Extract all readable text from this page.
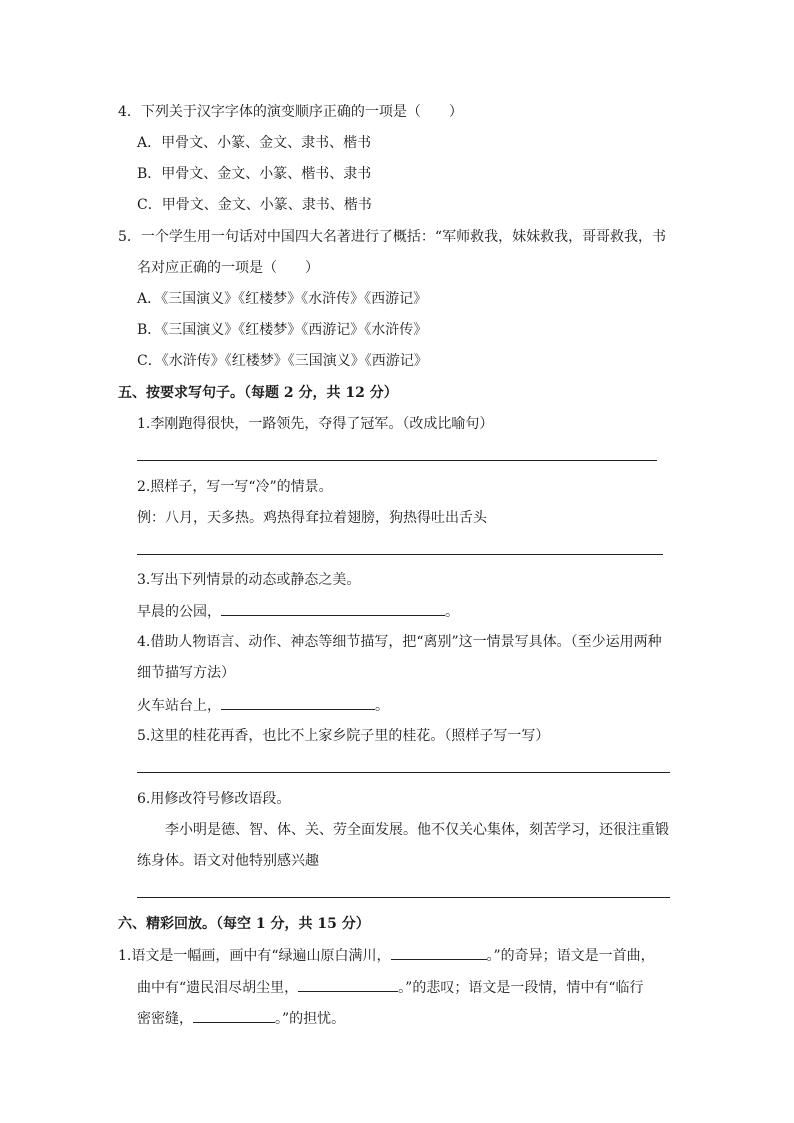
4．下列关于汉字字体的演变顺序正确的一项是（　　）
A．甲骨文、小篆、金文、隶书、楷书
B．甲骨文、金文、小篆、楷书、隶书
C．甲骨文、金文、小篆、隶书、楷书
5．一个学生用一句话对中国四大名著进行了概括：“军师救我，妹妹救我，哥哥救我，书
名对应正确的一项是（　　）
A．《三国演义》《红楼梦》《水浒传》《西游记》
B．《三国演义》《红楼梦》《西游记》《水浒传》
C．《水浒传》《红楼梦》《三国演义》《西游记》
五、按要求写句子。（每题 2 分，共 12 分）
1.李刚跑得很快，一路领先，夺得了冠军。（改成比喻句）
2.照样子，写一写“冷”的情景。
例：八月，天多热。鸡热得耷拉着翅膀，狗热得吐出舌头
3.写出下列情景的动态或静态之美。
早晨的公园，	。
4.借助人物语言、动作、神态等细节描写，把“离别”这一情景写具体。（至少运用两种
细节描写方法）
火车站台上，	。
5.这里的桂花再香，也比不上家乡院子里的桂花。（照样子写一写）
6.用修改符号修改语段。
李小明是德、智、体、关、劳全面发展。他不仅关心集体，刻苦学习，还很注重锻
练身体。语文对他特别感兴趣
六、精彩回放。（每空 1 分，共 15 分）
1.语文是一幅画，画中有“绿遍山原白满川，	。”的奇异；语文是一首曲，
曲中有“遗民泪尽胡尘里，	。”的悲叹；语文是一段情，情中有“临行
密密缝，	。”的担忧。
